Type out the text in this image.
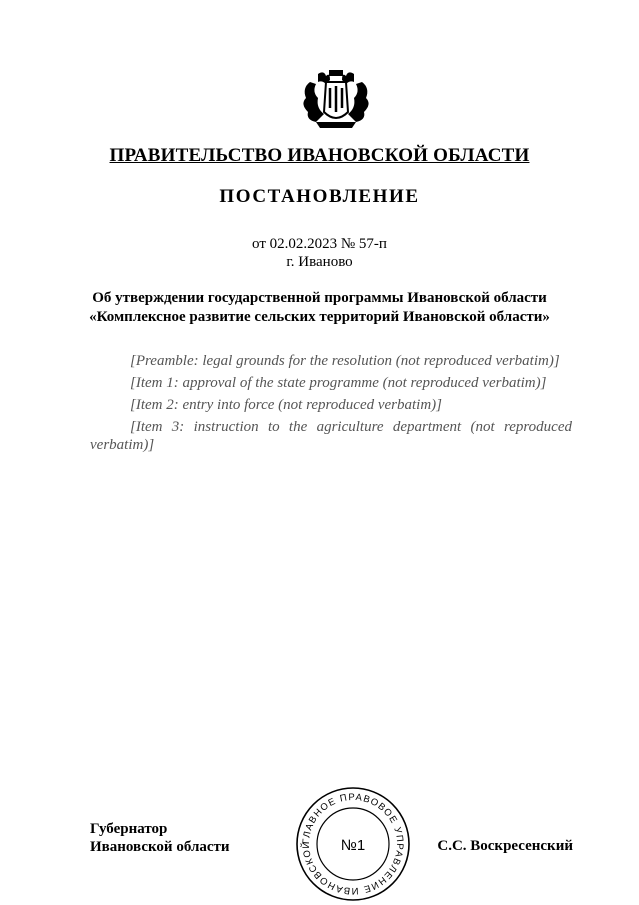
ПРАВИТЕЛЬСТВО ИВАНОВСКОЙ ОБЛАСТИ
ПОСТАНОВЛЕНИЕ
от 02.02.2023 № 57-п
г. Иваново
Об утверждении государственной программы Ивановской области
«Комплексное развитие сельских территорий Ивановской области»

[Preamble: legal grounds for the resolution (not reproduced verbatim)]

[Item 1: approval of the state programme (not reproduced verbatim)]

[Item 2: entry into force (not reproduced verbatim)]

[Item 3: instruction to the agriculture department (not reproduced verbatim)]

Губернатор
Ивановской области	ГЛАВНОЕ ПРАВОВОЕ УПРАВЛЕНИЕ ИВАНОВСКОЙ	№1	С.С. Воскресенский
